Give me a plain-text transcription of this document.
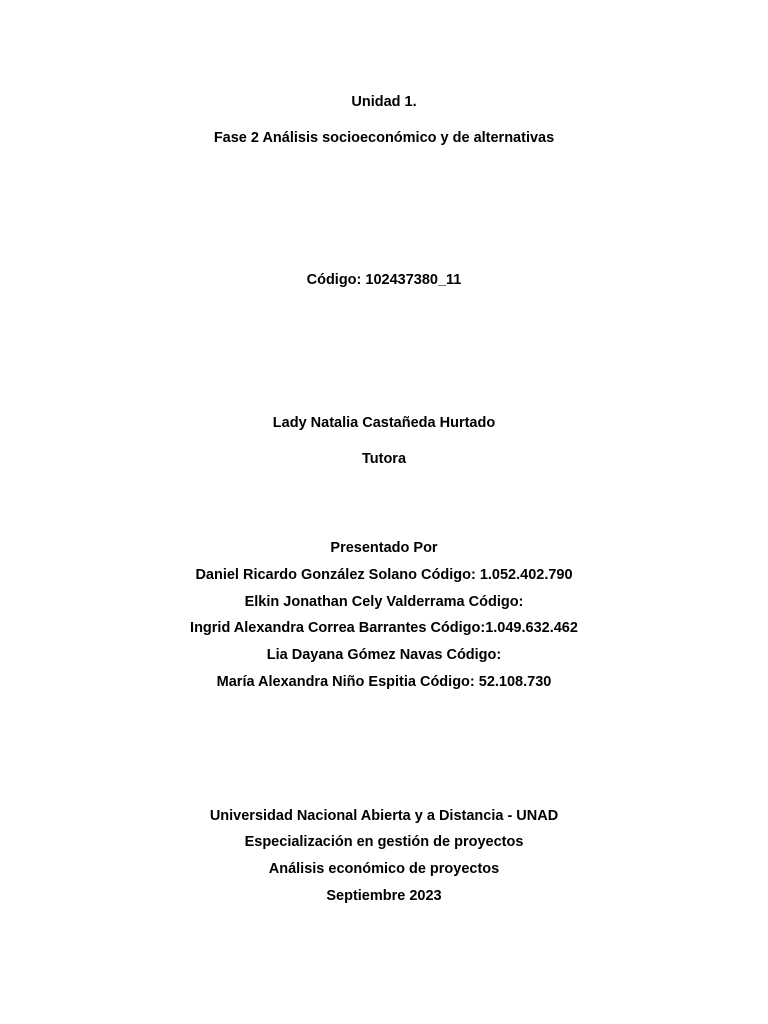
Unidad 1.
Fase 2 Análisis socioeconómico y de alternativas
Código: 102437380_11
Lady Natalia Castañeda Hurtado
Tutora
Presentado Por
Daniel Ricardo González Solano Código: 1.052.402.790
Elkin Jonathan Cely Valderrama Código:
Ingrid Alexandra Correa Barrantes Código:1.049.632.462
Lia Dayana Gómez Navas Código:
María Alexandra Niño Espitia Código: 52.108.730
Universidad Nacional Abierta y a Distancia - UNAD
Especialización en gestión de proyectos
Análisis económico de proyectos
Septiembre 2023
